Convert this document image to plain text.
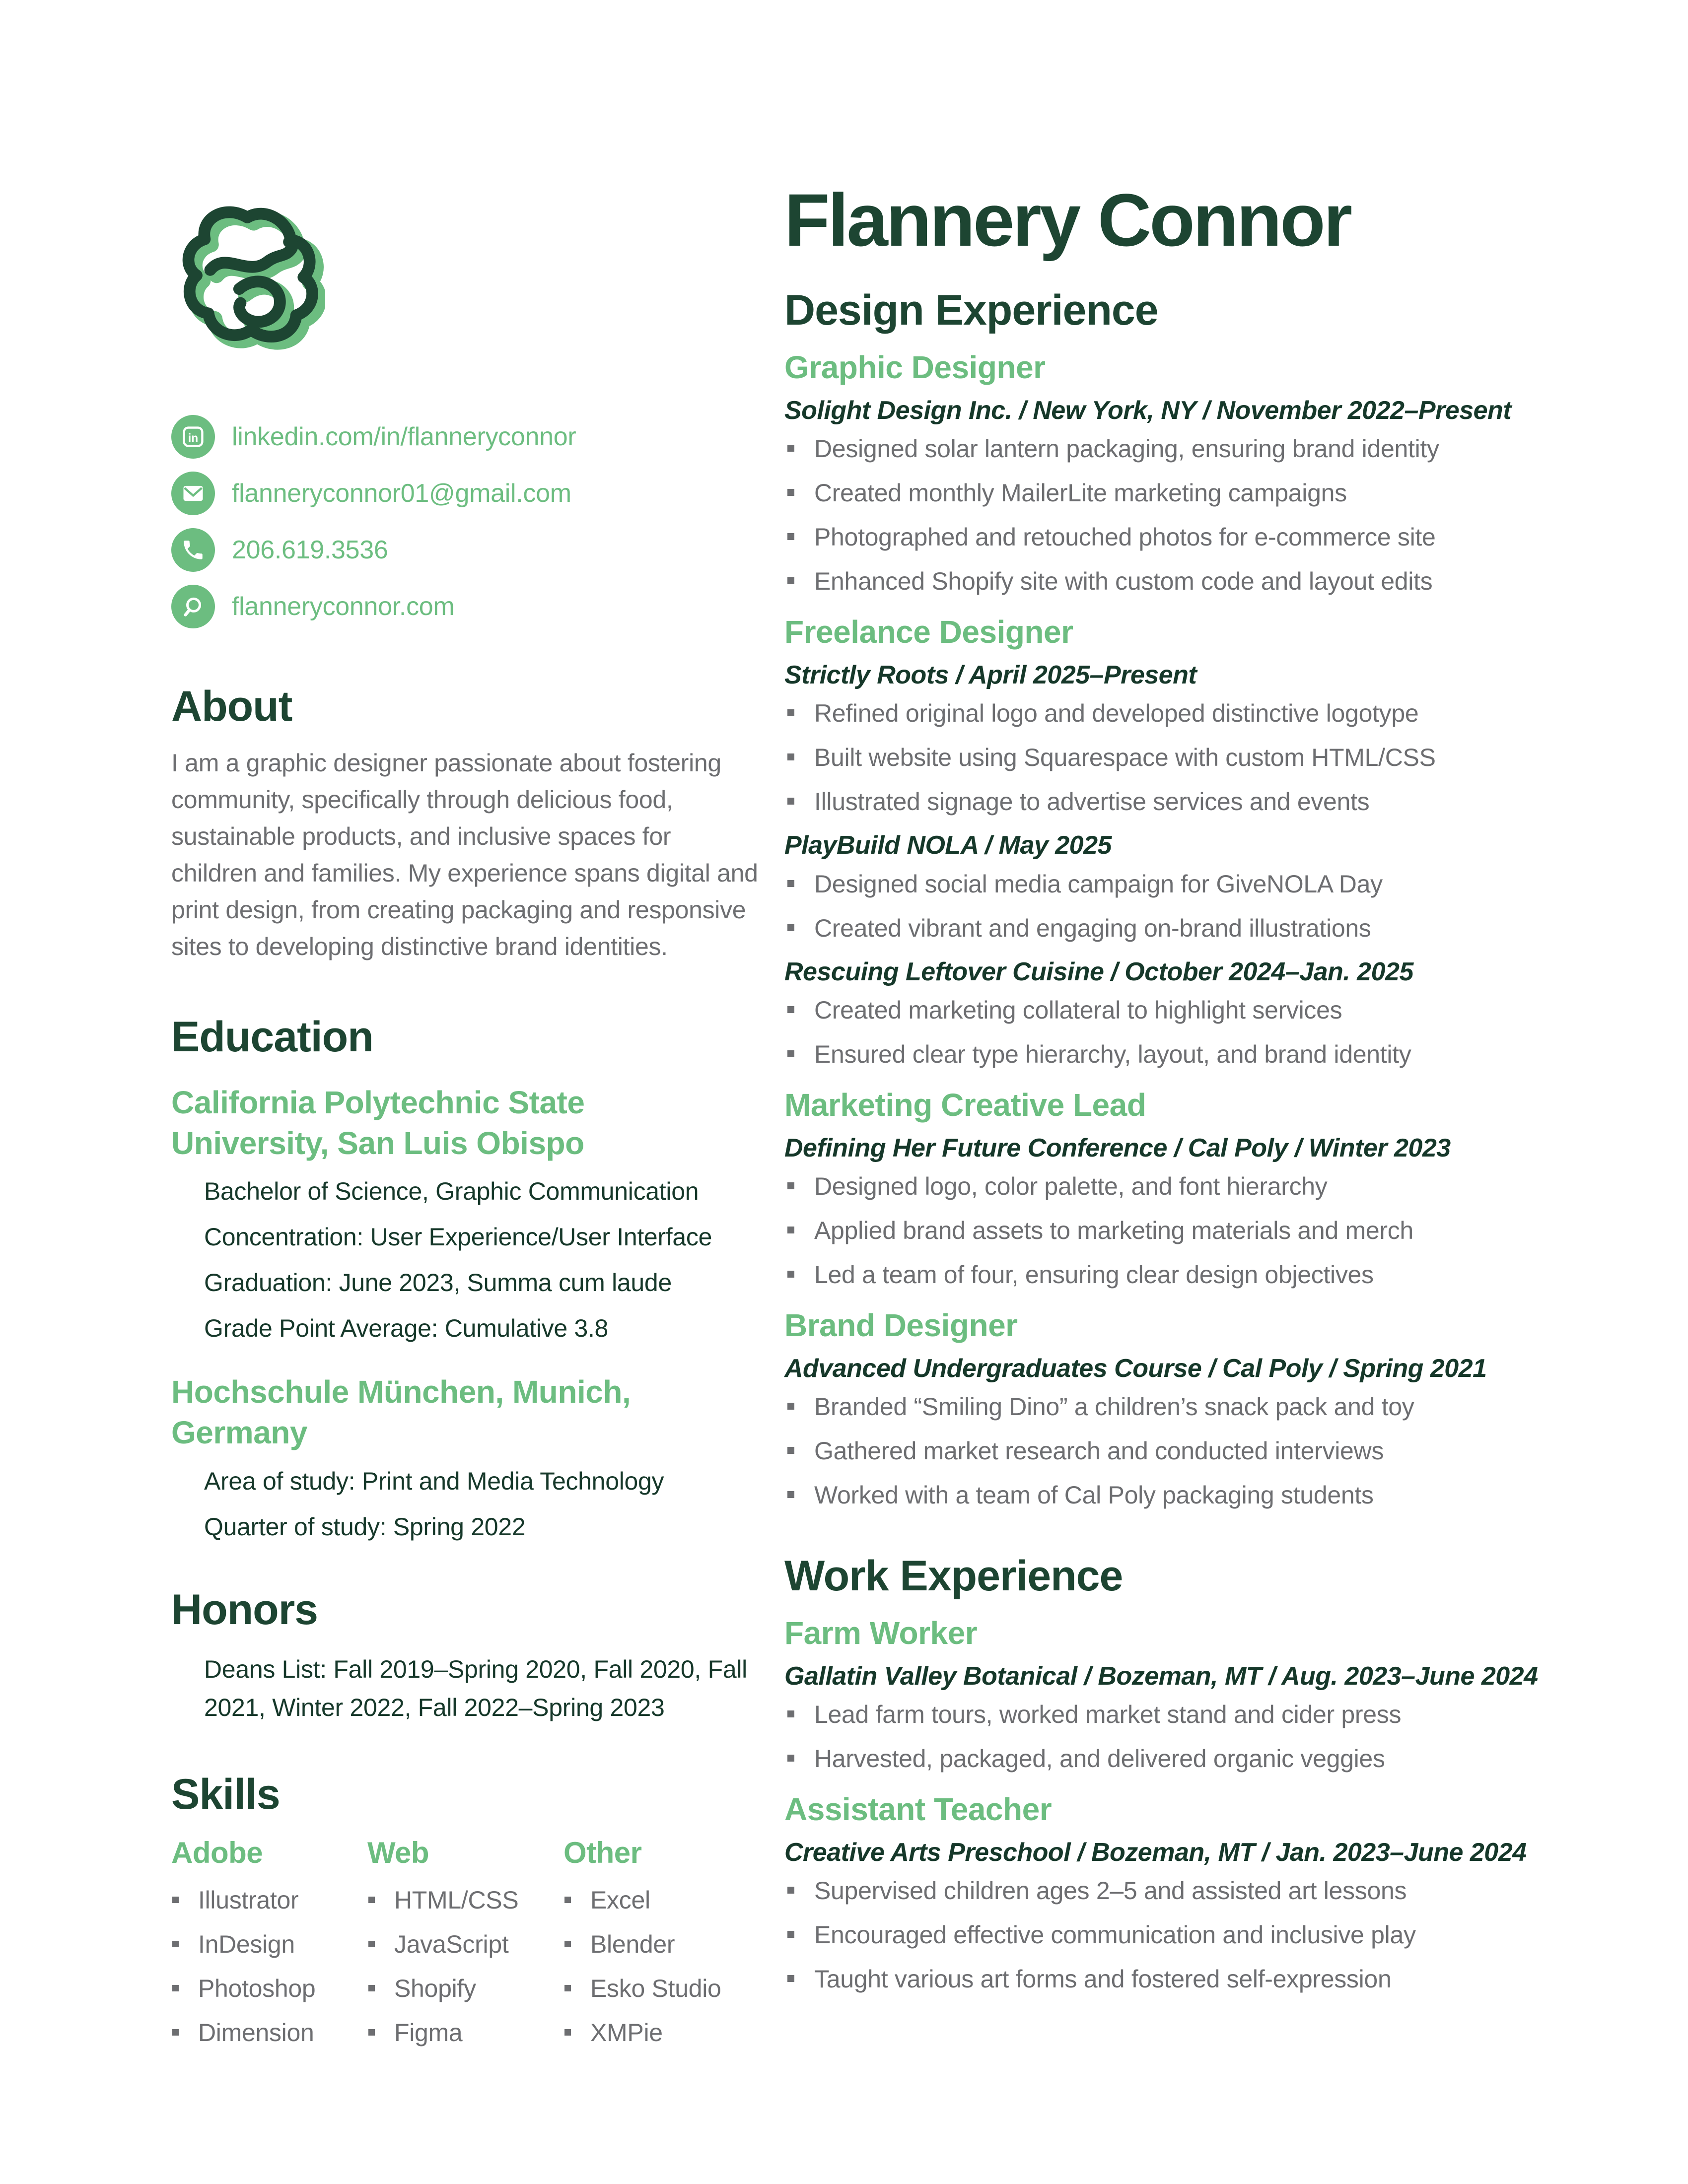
in linkedin.com/in/flanneryconnor
flanneryconnor01@gmail.com
206.619.3536
flanneryconnor.com
About

I am a graphic designer passionate about fostering community, specifically through delicious food, sustainable products, and inclusive spaces for children and families. My experience spans digital and print design, from creating packaging and responsive sites to developing distinctive brand identities.

Education
California Polytechnic State University, San Luis Obispo
Bachelor of Science, Graphic Communication
Concentration: User Experience/User Interface
Graduation: June 2023, Summa cum laude
Grade Point Average: Cumulative 3.8
Hochschule München, Munich, Germany
Area of study: Print and Media Technology
Quarter of study: Spring 2022
Honors

Deans List: Fall 2019–Spring 2020, Fall 2020, Fall 2021, Winter 2022, Fall 2022–Spring 2023

Skills
Adobe
Illustrator
InDesign
Photoshop
Dimension
Web
HTML/CSS
JavaScript
Shopify
Figma
Other
Excel
Blender
Esko Studio
XMPie
Flannery Connor
Design Experience
Graphic Designer

Solight Design Inc. / New York, NY / November 2022–Present

Designed solar lantern packaging, ensuring brand identity
Created monthly MailerLite marketing campaigns
Photographed and retouched photos for e-commerce site
Enhanced Shopify site with custom code and layout edits
Freelance Designer

Strictly Roots / April 2025–Present

Refined original logo and developed distinctive logotype
Built website using Squarespace with custom HTML/CSS
Illustrated signage to advertise services and events

PlayBuild NOLA / May 2025

Designed social media campaign for GiveNOLA Day
Created vibrant and engaging on-brand illustrations

Rescuing Leftover Cuisine / October 2024–Jan. 2025

Created marketing collateral to highlight services
Ensured clear type hierarchy, layout, and brand identity
Marketing Creative Lead

Defining Her Future Conference / Cal Poly / Winter 2023

Designed logo, color palette, and font hierarchy
Applied brand assets to marketing materials and merch
Led a team of four, ensuring clear design objectives
Brand Designer

Advanced Undergraduates Course / Cal Poly / Spring 2021

Branded “Smiling Dino” a children’s snack pack and toy
Gathered market research and conducted interviews
Worked with a team of Cal Poly packaging students
Work Experience
Farm Worker

Gallatin Valley Botanical / Bozeman, MT / Aug. 2023–June 2024

Lead farm tours, worked market stand and cider press
Harvested, packaged, and delivered organic veggies
Assistant Teacher

Creative Arts Preschool / Bozeman, MT / Jan. 2023–June 2024

Supervised children ages 2–5 and assisted art lessons
Encouraged effective communication and inclusive play
Taught various art forms and fostered self-expression
